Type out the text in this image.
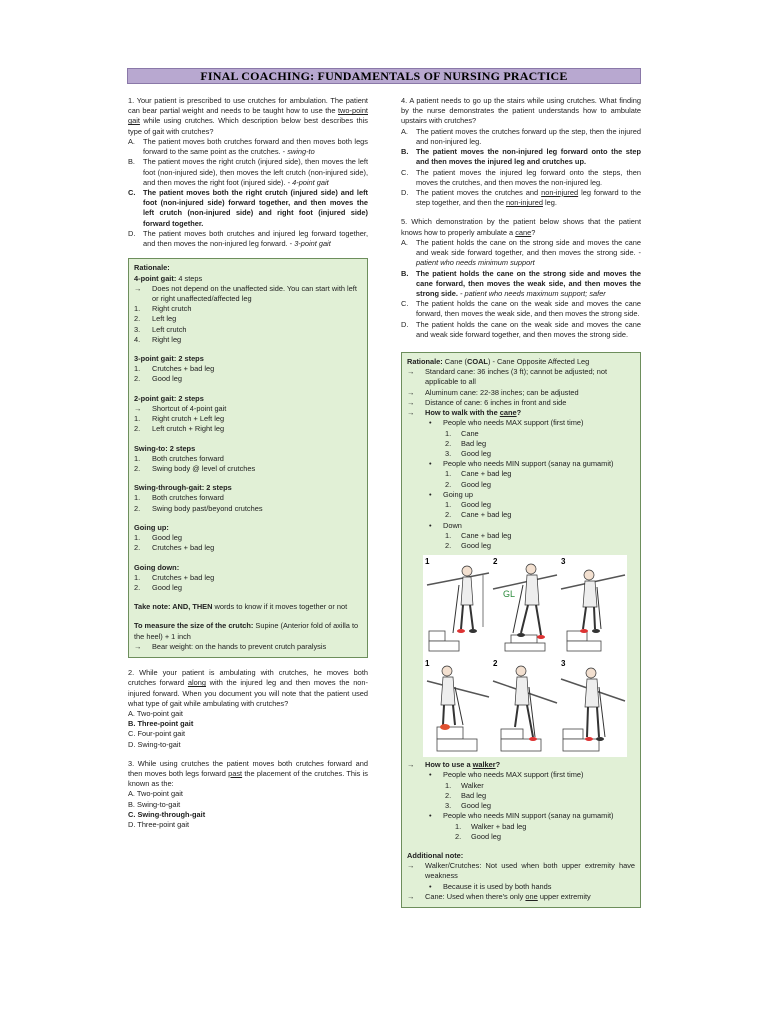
FINAL COACHING: FUNDAMENTALS OF NURSING PRACTICE

1. Your patient is prescribed to use crutches for ambulation. The patient can bear partial weight and needs to be taught how to use the two-point gait while using crutches. Which description below best describes this type of gait with crutches?

A.	The patient moves both crutches forward and then moves both legs forward to the same point as the crutches. - swing-to
B.	The patient moves the right crutch (injured side), then moves the left foot (non-injured side), then moves the left crutch (non-injured side), and then moves the right foot (injured side). - 4-point gait
C.	The patient moves both the right crutch (injured side) and left foot (non-injured side) forward together, and then moves the left crutch (non-injured side) and right foot (injured side) forward together.
D.	The patient moves both crutches and injured leg forward together, and then moves the non-injured leg forward. - 3-point gait
Rationale:
4-point gait: 4 steps
→	Does not depend on the unaffected side. You can start with left or right unaffected/affected leg
1.	Right crutch
2.	Left leg
3.	Left crutch
4.	Right leg
3-point gait: 2 steps
1.	Crutches + bad leg
2.	Good leg
2-point gait: 2 steps
→	Shortcut of 4-point gait
1.	Right crutch + Left leg
2.	Left crutch + Right leg
Swing-to: 2 steps
1.	Both crutches forward
2.	Swing body @ level of crutches
Swing-through-gait: 2 steps
1.	Both crutches forward
2.	Swing body past/beyond crutches
Going up:
1.	Good leg
2.	Crutches + bad leg
Going down:
1.	Crutches + bad leg
2.	Good leg
Take note: AND, THEN words to know if it moves together or not
To measure the size of the crutch: Supine (Anterior fold of axilla to the heel) + 1 inch
→	Bear weight: on the hands to prevent crutch paralysis

2. While your patient is ambulating with crutches, he moves both crutches forward along with the injured leg and then moves the non-injured forward. When you document you will note that the patient used what type of gait while ambulating with crutches?

A. Two-point gait
B. Three-point gait
C. Four-point gait
D. Swing-to-gait

3. While using crutches the patient moves both crutches forward and then moves both legs forward past the placement of the crutches. This is known as the:

A. Two-point gait
B. Swing-to-gait
C. Swing-through-gait
D. Three-point gait

4. A patient needs to go up the stairs while using crutches. What finding by the nurse demonstrates the patient understands how to ambulate upstairs with crutches?

A.	The patient moves the crutches forward up the step, then the injured and non-injured leg.
B.	The patient moves the non-injured leg forward onto the step and then moves the injured leg and crutches up.
C.	The patient moves the injured leg forward onto the steps, then moves the crutches, and then moves the non-injured leg.
D.	The patient moves the crutches and non-injured leg forward to the step together, and then the non-injured leg.

5. Which demonstration by the patient below shows that the patient knows how to properly ambulate a cane?

A.	The patient holds the cane on the strong side and moves the cane and weak side forward together, and then moves the strong side. - patient who needs minimum support
B.	The patient holds the cane on the strong side and moves the cane forward, then moves the weak side, and then moves the strong side. - patient who needs maximum support; safer
C.	The patient holds the cane on the weak side and moves the cane forward, then moves the weak side, and then moves the strong side.
D.	The patient holds the cane on the weak side and moves the cane and weak side forward together, and then moves the strong side.
Rationale: Cane (COAL) - Cane Opposite Affected Leg
→	Standard cane: 36 inches (3 ft); cannot be adjusted; not applicable to all
→	Aluminum cane: 22-38 inches; can be adjusted
→	Distance of cane: 6 inches in front and side
→	How to walk with the cane?
•	People who needs MAX support (first time)
1.	Cane
2.	Bad leg
3.	Good leg
•	People who needs MIN support (sanay na gumamit)
1.	Cane + bad leg
2.	Good leg
•	Going up
1.	Good leg
2.	Cane + bad leg
•	Down
1.	Cane + bad leg
2.	Good leg
1	2
GL
3
1	2	3
→	How to use a walker?
•	People who needs MAX support (first time)
1.	Walker
2.	Bad leg
3.	Good leg
•	People who needs MIN support (sanay na gumamit)
1.	Walker + bad leg
2.	Good leg
Additional note:
→	Walker/Crutches: Not used when both upper extremity have weakness
•	Because it is used by both hands
→	Cane: Used when there's only one upper extremity
